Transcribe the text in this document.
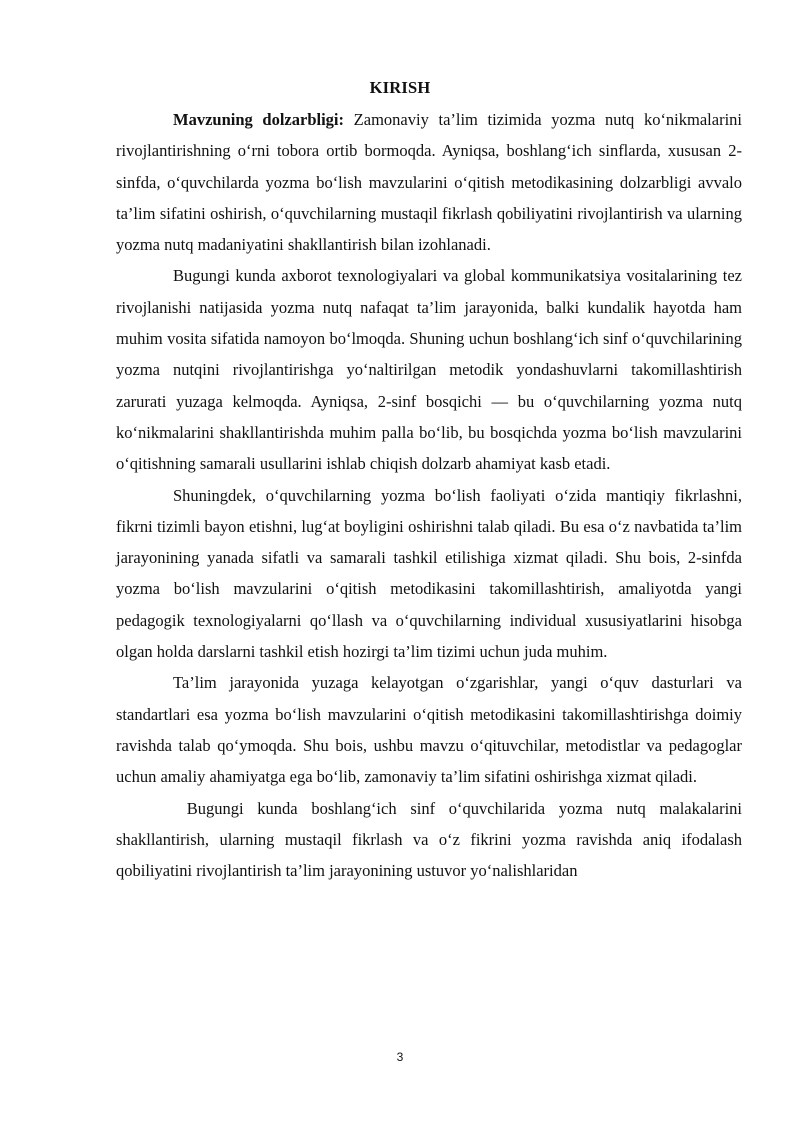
KIRISH

Mavzuning dolzarbligi: Zamonaviy ta’lim tizimida yozma nutq ko‘nikmalarini rivojlantirishning o‘rni tobora ortib bormoqda. Ayniqsa, boshlang‘ich sinflarda, xususan 2-sinfda, o‘quvchilarda yozma bo‘lish mavzularini o‘qitish metodikasining dolzarbligi avvalo ta’lim sifatini oshirish, o‘quvchilarning mustaqil fikrlash qobiliyatini rivojlantirish va ularning yozma nutq madaniyatini shakllantirish bilan izohlanadi.

Bugungi kunda axborot texnologiyalari va global kommunikatsiya vositalarining tez rivojlanishi natijasida yozma nutq nafaqat ta’lim jarayonida, balki kundalik hayotda ham muhim vosita sifatida namoyon bo‘lmoqda. Shuning uchun boshlang‘ich sinf o‘quvchilarining yozma nutqini rivojlantirishga yo‘naltirilgan metodik yondashuvlarni takomillashtirish zarurati yuzaga kelmoqda. Ayniqsa, 2-sinf bosqichi — bu o‘quvchilarning yozma nutq ko‘nikmalarini shakllantirishda muhim palla bo‘lib, bu bosqichda yozma bo‘lish mavzularini o‘qitishning samarali usullarini ishlab chiqish dolzarb ahamiyat kasb etadi.

Shuningdek, o‘quvchilarning yozma bo‘lish faoliyati o‘zida mantiqiy fikrlashni, fikrni tizimli bayon etishni, lug‘at boyligini oshirishni talab qiladi. Bu esa o‘z navbatida ta’lim jarayonining yanada sifatli va samarali tashkil etilishiga xizmat qiladi. Shu bois, 2-sinfda yozma bo‘lish mavzularini o‘qitish metodikasini takomillashtirish, amaliyotda yangi pedagogik texnologiyalarni qo‘llash va o‘quvchilarning individual xususiyatlarini hisobga olgan holda darslarni tashkil etish hozirgi ta’lim tizimi uchun juda muhim.

Ta’lim jarayonida yuzaga kelayotgan o‘zgarishlar, yangi o‘quv dasturlari va standartlari esa yozma bo‘lish mavzularini o‘qitish metodikasini takomillashtirishga doimiy ravishda talab qo‘ymoqda. Shu bois, ushbu mavzu o‘qituvchilar, metodistlar va pedagoglar uchun amaliy ahamiyatga ega bo‘lib, zamonaviy ta’lim sifatini oshirishga xizmat qiladi.

Bugungi kunda boshlang‘ich sinf o‘quvchilarida yozma nutq malakalarini shakllantirish, ularning mustaqil fikrlash va o‘z fikrini yozma ravishda aniq ifodalash qobiliyatini rivojlantirish ta’lim jarayonining ustuvor yo‘nalishlaridan

3
